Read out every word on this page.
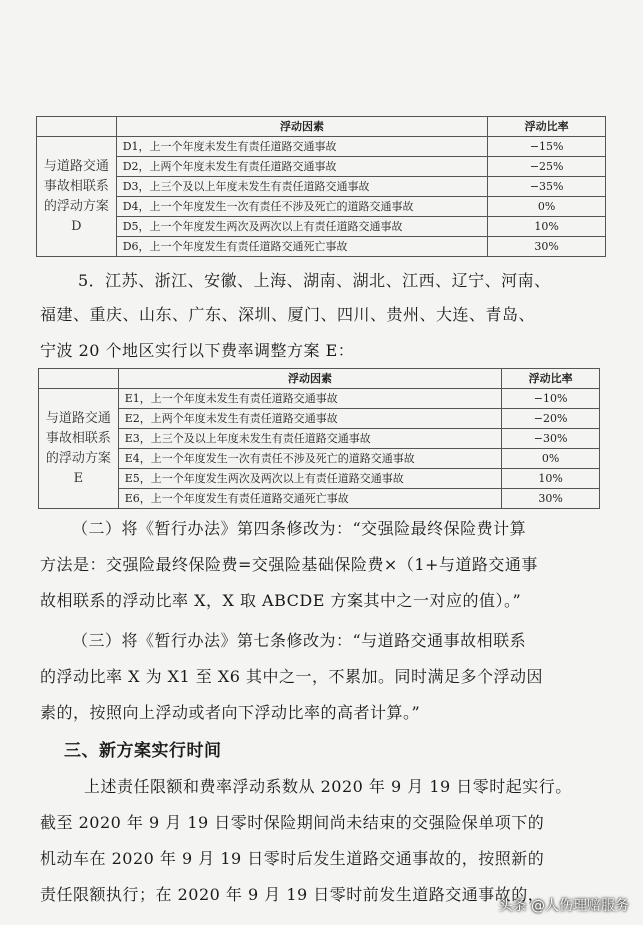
	浮动因素	浮动比率
与道路交通事故相联系的浮动方案D	D1，上一个年度未发生有责任道路交通事故	−15%
	D2，上两个年度未发生有责任道路交通事故	−25%
	D3，上三个及以上年度未发生有责任道路交通事故	−35%
	D4，上一个年度发生一次有责任不涉及死亡的道路交通事故	0%
	D5，上一个年度发生两次及两次以上有责任道路交通事故	10%
	D6，上一个年度发生有责任道路交通死亡事故	30%

5．江苏、浙江、安徽、上海、湖南、湖北、江西、辽宁、河南、

福建、重庆、山东、广东、深圳、厦门、四川、贵州、大连、青岛、

宁波 20 个地区实行以下费率调整方案 E：

	浮动因素	浮动比率
与道路交通事故相联系的浮动方案E	E1，上一个年度未发生有责任道路交通事故	−10%
	E2，上两个年度未发生有责任道路交通事故	−20%
	E3，上三个及以上年度未发生有责任道路交通事故	−30%
	E4，上一个年度发生一次有责任不涉及死亡的道路交通事故	0%
	E5，上一个年度发生两次及两次以上有责任道路交通事故	10%
	E6，上一个年度发生有责任道路交通死亡事故	30%

（二）将《暂行办法》第四条修改为：“交强险最终保险费计算

方法是：交强险最终保险费=交强险基础保险费×（1+与道路交通事

故相联系的浮动比率 X，X 取 ABCDE 方案其中之一对应的值）。”

（三）将《暂行办法》第七条修改为：“与道路交通事故相联系

的浮动比率 X 为 X1 至 X6 其中之一，不累加。同时满足多个浮动因

素的，按照向上浮动或者向下浮动比率的高者计算。”

三、新方案实行时间

上述责任限额和费率浮动系数从 2020 年 9 月 19 日零时起实行。

截至 2020 年 9 月 19 日零时保险期间尚未结束的交强险保单项下的

机动车在 2020 年 9 月 19 日零时后发生道路交通事故的，按照新的

责任限额执行；在 2020 年 9 月 19 日零时前发生道路交通事故的，

头条 @人伤理赔服务
